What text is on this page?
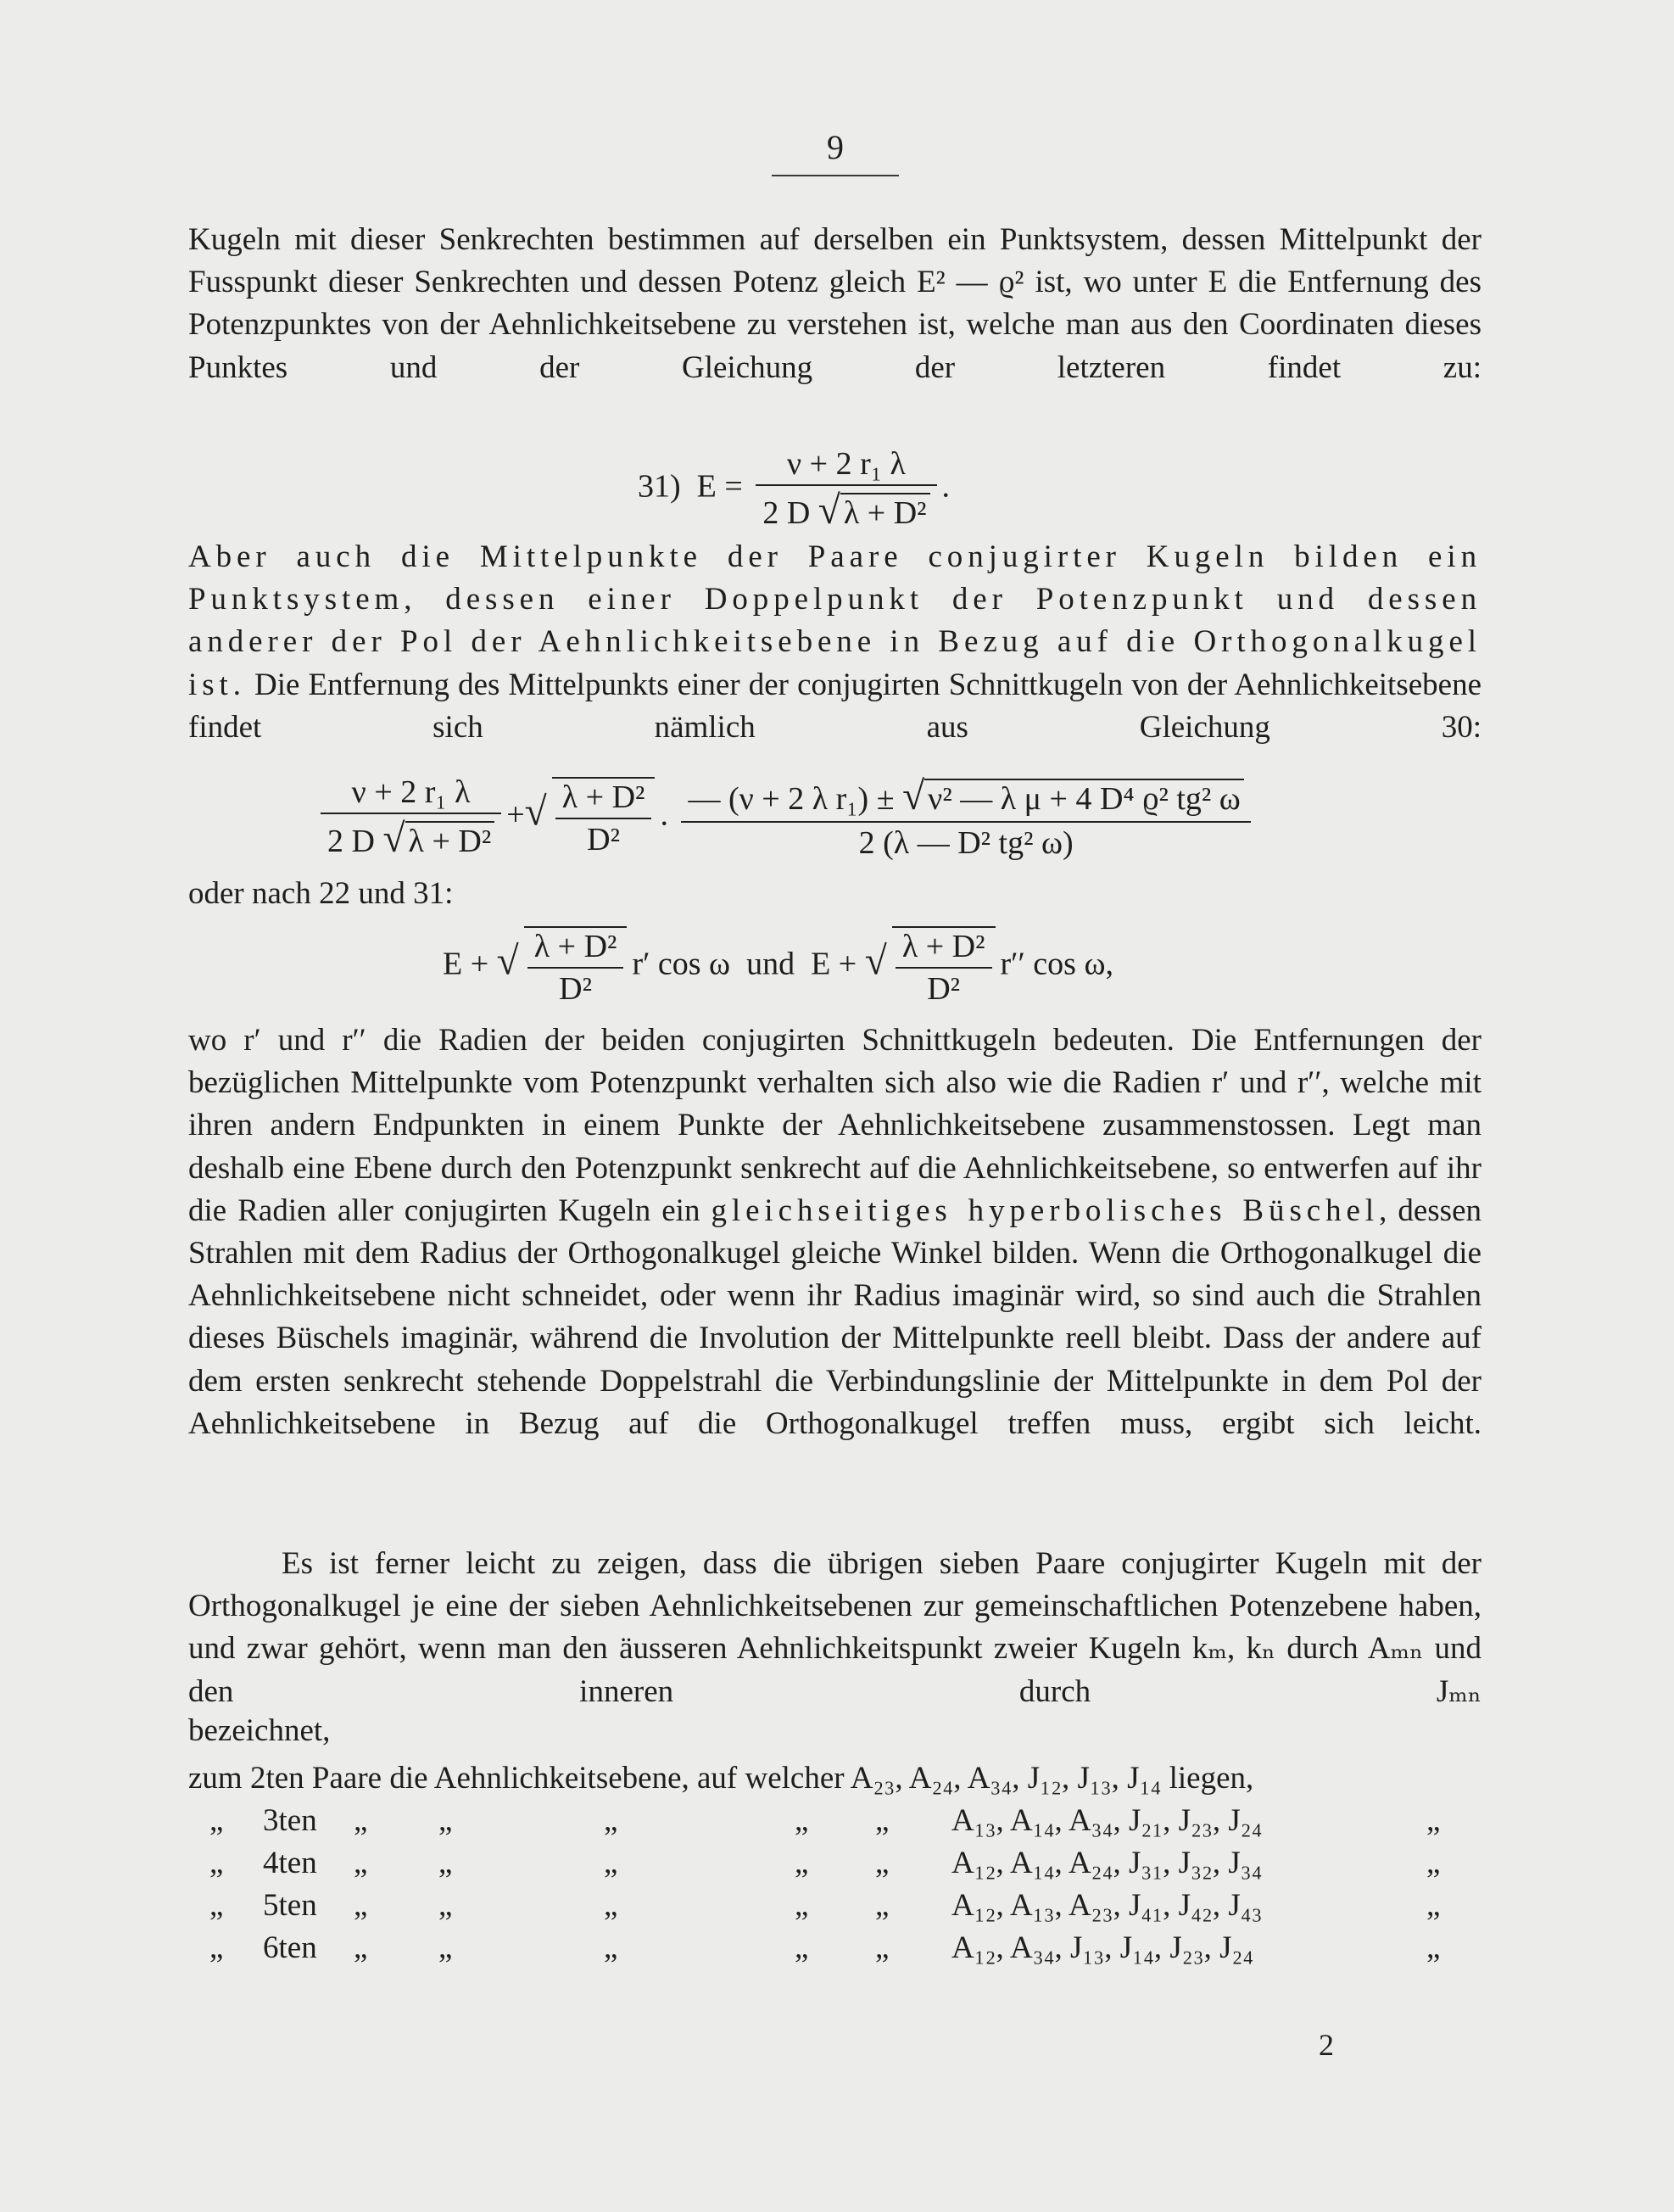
9

Kugeln mit dieser Senkrechten bestimmen auf derselben ein Punktsystem, dessen Mittelpunkt der Fusspunkt dieser Senkrechten und dessen Potenz gleich E² — ϱ² ist, wo unter E die Entfernung des Potenzpunktes von der Aehnlichkeitsebene zu verstehen ist, welche man aus den Coordinaten dieses Punktes und der Gleichung der letzteren findet zu:

31) $E = \frac{\text{ν + 2 r₁ λ}}{\text{2 D √ λ + D²}}$ .

Aber auch die Mittelpunkte der Paare conjugirter Kugeln bilden ein Punktsystem, dessen einer Doppelpunkt der Potenzpunkt und dessen anderer der Pol der Aehnlichkeitsebene in Bezug auf die Orthogonalkugel ist. Die Entfernung des Mittelpunkts einer der conjugirten Schnittkugeln von der Aehnlichkeitsebene findet sich nämlich aus Gleichung 30:

$\frac{\text{ν + 2 r₁ λ}}{\text{2 D √ λ + D²}}$ +√ $\frac{\text{λ + D²}}{\text{D²}}$ . $\frac{\text{— (ν + 2 λ r₁) ± √ ν² — λ μ + 4 D⁴ ϱ² tg² ω}}{\text{2 (λ — D² tg² ω)}}$
oder nach 22 und 31:
E + √ $\frac{\text{λ + D²}}{\text{D²}} r'$ cos ω und E + √ $\frac{\text{λ + D²}}{\text{D²}} r''$ cos ω,

wo r′ und r′′ die Radien der beiden conjugirten Schnittkugeln bedeuten. Die Entfernungen der bezüglichen Mittelpunkte vom Potenzpunkt verhalten sich also wie die Radien r′ und r′′, welche mit ihren andern Endpunkten in einem Punkte der Aehnlichkeitsebene zusammenstossen. Legt man deshalb eine Ebene durch den Potenzpunkt senkrecht auf die Aehnlichkeitsebene, so entwerfen auf ihr die Radien aller conjugirten Kugeln ein gleichseitiges hyperbolisches Büschel, dessen Strahlen mit dem Radius der Orthogonalkugel gleiche Winkel bilden. Wenn die Orthogonalkugel die Aehnlichkeitsebene nicht schneidet, oder wenn ihr Radius imaginär wird, so sind auch die Strahlen dieses Büschels imaginär, während die Involution der Mittelpunkte reell bleibt. Dass der andere auf dem ersten senkrecht stehende Doppelstrahl die Verbindungslinie der Mittelpunkte in dem Pol der Aehnlichkeitsebene in Bezug auf die Orthogonalkugel treffen muss, ergibt sich leicht.

Es ist ferner leicht zu zeigen, dass die übrigen sieben Paare conjugirter Kugeln mit der Orthogonalkugel je eine der sieben Aehnlichkeitsebenen zur gemeinschaftlichen Potenzebene haben, und zwar gehört, wenn man den äusseren Aehnlichkeitspunkt zweier Kugeln kₘ, kₙ durch Aₘₙ und den inneren durch Jₘₙ

bezeichnet,
zum 2ten Paare die Aehnlichkeitsebene, auf welcher A₂₃, A₂₄, A₃₄, J₁₂, J₁₃, J₁₄ liegen,
„ 3ten „ „	„	„ „ A₁₃, A₁₄, A₃₄, J₂₁, J₂₃, J₂₄	„
„ 4ten „ „	„	„ „ A₁₂, A₁₄, A₂₄, J₃₁, J₃₂, J₃₄	„
„ 5ten „ „	„	„ „ A₁₂, A₁₃, A₂₃, J₄₁, J₄₂, J₄₃	„
„ 6ten „ „	„	„ „ A₁₂, A₃₄, J₁₃, J₁₄, J₂₃, J₂₄	„
2
